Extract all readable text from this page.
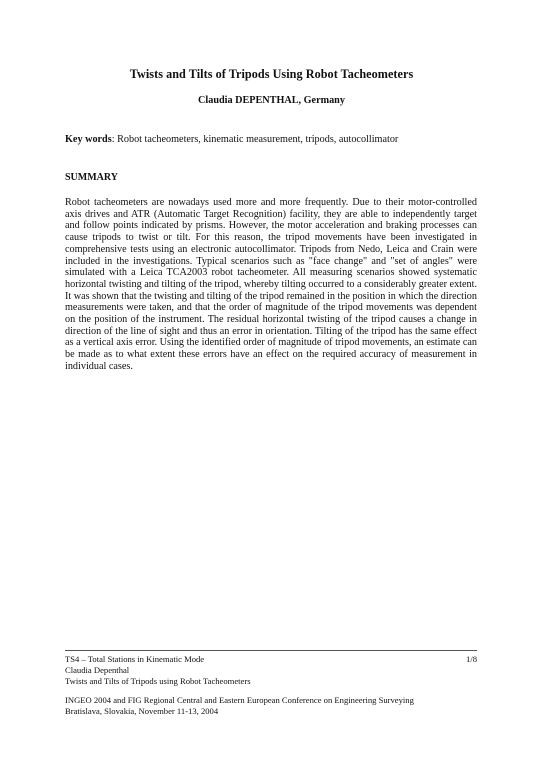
Twists and Tilts of Tripods Using Robot Tacheometers
Claudia DEPENTHAL, Germany
Key words: Robot tacheometers, kinematic measurement, tripods, autocollimator
SUMMARY

Robot tacheometers are nowadays used more and more frequently. Due to their motor-controlled axis drives and ATR (Automatic Target Recognition) facility, they are able to independently target and follow points indicated by prisms. However, the motor acceleration and braking processes can cause tripods to twist or tilt. For this reason, the tripod movements have been investigated in comprehensive tests using an electronic autocollimator. Tripods from Nedo, Leica and Crain were included in the investigations. Typical scenarios such as "face change" and "set of angles" were simulated with a Leica TCA2003 robot tacheometer. All measuring scenarios showed systematic horizontal twisting and tilting of the tripod, whereby tilting occurred to a considerably greater extent. It was shown that the twisting and tilting of the tripod remained in the position in which the direction measurements were taken, and that the order of magnitude of the tripod movements was dependent on the position of the instrument. The residual horizontal twisting of the tripod causes a change in direction of the line of sight and thus an error in orientation. Tilting of the tripod has the same effect as a vertical axis error. Using the identified order of magnitude of tripod movements, an estimate can be made as to what extent these errors have an effect on the required accuracy of measurement in individual cases.

TS4 – Total Stations in Kinematic Mode
Claudia Depenthal
Twists and Tilts of Tripods using Robot Tacheometers
INGEO 2004 and FIG Regional Central and Eastern European Conference on Engineering Surveying
Bratislava, Slovakia, November 11-13, 2004
1/8
